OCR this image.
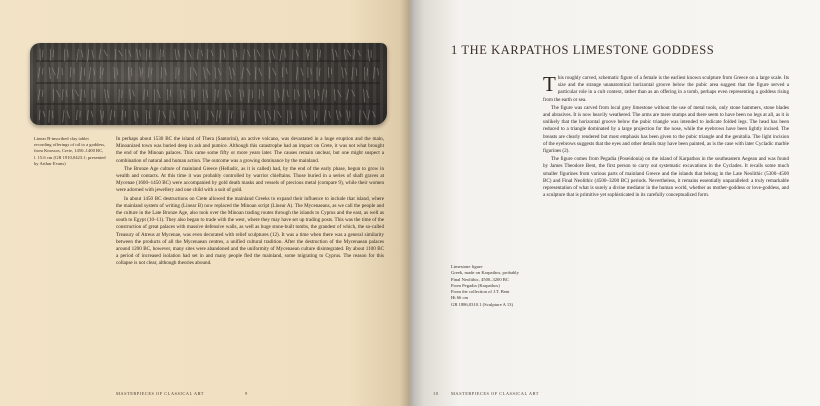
Linear B-inscribed clay tablet recording offerings of oil to a goddess, from Knossos, Crete, 1450–1400 BC, l. 15.6 cm (GR 1910,0423.1; presented by Arthur Evans)

In perhaps about 1530 BC the island of Thera (Santorini), an active volcano, was devastated in a huge eruption and the main, Minoanized town was buried deep in ash and pumice. Although this catastrophe had an impact on Crete, it was not what brought the end of the Minoan palaces. This came some fifty or more years later. The causes remain unclear, but one might suspect a combination of natural and human action. The outcome was a growing dominance by the mainland.

The Bronze Age culture of mainland Greece (Helladic, as it is called) had, by the end of the early phase, begun to grow in wealth and contacts. At this time it was probably controlled by warrior chieftains. Those buried in a series of shaft graves at Mycenae (1600–1450 BC) were accompanied by gold death masks and vessels of precious metal (compare 9), while their women were adorned with jewellery and one child with a suit of gold.

In about 1450 BC destructions on Crete allowed the mainland Greeks to expand their influence to include that island, where the mainland system of writing (Linear B) now replaced the Minoan script (Linear A). The Mycenaeans, as we call the people and the culture in the Late Bronze Age, also took over the Minoan trading routes through the islands to Cyprus and the east, as well as south to Egypt (10–11). They also began to trade with the west, where they may have set up trading posts. This was the time of the construction of great palaces with massive defensive walls, as well as huge stone-built tombs, the grandest of which, the so-called Treasury of Atreus at Mycenae, was even decorated with relief sculptures (12). It was a time when there was a general similarity between the products of all the Mycenaean centres, a unified cultural tradition. After the destruction of the Mycenaean palaces around 1200 BC, however, many sites were abandoned and the uniformity of Mycenaean culture disintegrated. By about 1100 BC a period of increased isolation had set in and many people fled the mainland, some migrating to Cyprus. The reason for this collapse is not clear, although theories abound.

MASTERPIECES OF CLASSICAL ART	9
1 THE KARPATHOS LIMESTONE GODDESS

This roughly carved, schematic figure of a female is the earliest known sculpture from Greece on a large scale. Its size and the strange unanatomical horizontal groove below the pubic area suggest that the figure served a particular role in a cult context, rather than as an offering in a tomb, perhaps even representing a goddess rising from the earth or sea.

The figure was carved from local grey limestone without the use of metal tools, only stone hammers, stone blades and abrasives. It is now heavily weathered. The arms are mere stumps and there seem to have been no legs at all, as it is unlikely that the horizontal groove below the pubic triangle was intended to indicate folded legs. The head has been reduced to a triangle dominated by a large projection for the nose, while the eyebrows have been lightly incised. The breasts are clearly rendered but most emphasis has been given to the pubic triangle and the genitalia. The light incision of the eyebrows suggests that the eyes and other details may have been painted, as is the case with later Cycladic marble figurines (2).

The figure comes from Pegadia (Poseidonia) on the island of Karpathos in the southeastern Aegean and was found by James Theodore Bent, the first person to carry out systematic excavations in the Cyclades. It recalls some much smaller figurines from various parts of mainland Greece and the islands that belong in the Late Neolithic (5300–4500 BC) and Final Neolithic (4500–3200 BC) periods. Nevertheless, it remains essentially unparalleled: a truly remarkable representation of what is surely a divine mediator in the human world, whether as mother-goddess or love-goddess, and a sculpture that is primitive yet sophisticated in its carefully conceptualized form.

Limestone figure
Greek, made on Karpathos, probably Final Neolithic, 4500–3200 BC
From Pegadia (Karpathos)
From the collection of J.T. Bent
Ht 66 cm
GR 1886,0310.1 (Sculpture A 13)
10	MASTERPIECES OF CLASSICAL ART
